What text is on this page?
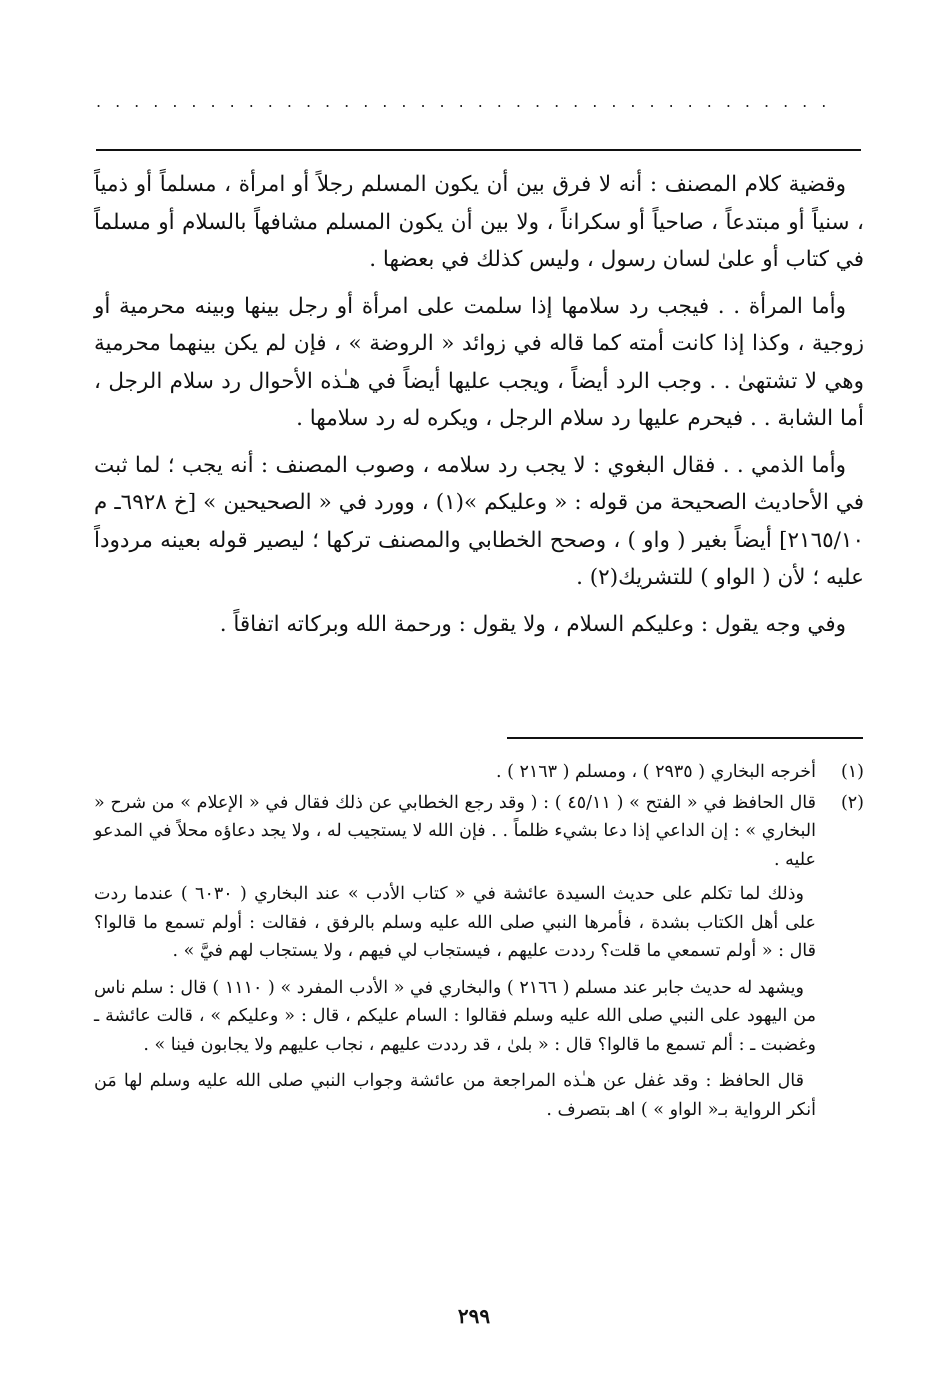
.......................................

وقضية كلام المصنف : أنه لا فرق بين أن يكون المسلم رجلاً أو امرأة ، مسلماً أو ذمياً ، سنياً أو مبتدعاً ، صاحياً أو سكراناً ، ولا بين أن يكون المسلم مشافهاً بالسلام أو مسلماً في كتاب أو علىٰ لسان رسول ، وليس كذلك في بعضها .

وأما المرأة . . فيجب رد سلامها إذا سلمت على امرأة أو رجل بينها وبينه محرمية أو زوجية ، وكذا إذا كانت أمته كما قاله في زوائد « الروضة » ، فإن لم يكن بينهما محرمية وهي لا تشتهىٰ . . وجب الرد أيضاً ، ويجب عليها أيضاً في هـٰذه الأحوال رد سلام الرجل ، أما الشابة . . فيحرم عليها رد سلام الرجل ، ويكره له رد سلامها .

وأما الذمي . . فقال البغوي : لا يجب رد سلامه ، وصوب المصنف : أنه يجب ؛ لما ثبت في الأحاديث الصحيحة من قوله : « وعليكم »(١) ، وورد في « الصحيحين » [خ ٦٩٢٨ـ م ٢١٦٥/١٠] أيضاً بغير ( واو ) ، وصحح الخطابي والمصنف تركها ؛ ليصير قوله بعينه مردوداً عليه ؛ لأن ( الواو ) للتشريك(٢) .

وفي وجه يقول : وعليكم السلام ، ولا يقول : ورحمة الله وبركاته اتفاقاً .

(١)
أخرجه البخاري ( ٢٩٣٥ ) ، ومسلم ( ٢١٦٣ ) .
(٢)
قال الحافظ في « الفتح » ( ٤٥/١١ ) : ( وقد رجع الخطابي عن ذلك فقال في « الإعلام » من شرح « البخاري » : إن الداعي إذا دعا بشيء ظلماً . . فإن الله لا يستجيب له ، ولا يجد دعاؤه محلاً في المدعو عليه .

وذلك لما تكلم على حديث السيدة عائشة في « كتاب الأدب » عند البخاري ( ٦٠٣٠ ) عندما ردت على أهل الكتاب بشدة ، فأمرها النبي صلى الله عليه وسلم بالرفق ، فقالت : أولم تسمع ما قالوا؟ قال : « أولم تسمعي ما قلت؟ رددت عليهم ، فيستجاب لي فيهم ، ولا يستجاب لهم فيَّ » .

ويشهد له حديث جابر عند مسلم ( ٢١٦٦ ) والبخاري في « الأدب المفرد » ( ١١١٠ ) قال : سلم ناس من اليهود على النبي صلى الله عليه وسلم فقالوا : السام عليكم ، قال : « وعليكم » ، قالت عائشة ـ وغضبت ـ : ألم تسمع ما قالوا؟ قال : « بلىٰ ، قد رددت عليهم ، نجاب عليهم ولا يجابون فينا » .

قال الحافظ : وقد غفل عن هـٰذه المراجعة من عائشة وجواب النبي صلى الله عليه وسلم لها مَن أنكر الرواية بـ« الواو » ) اهـ بتصرف .

٢٩٩
